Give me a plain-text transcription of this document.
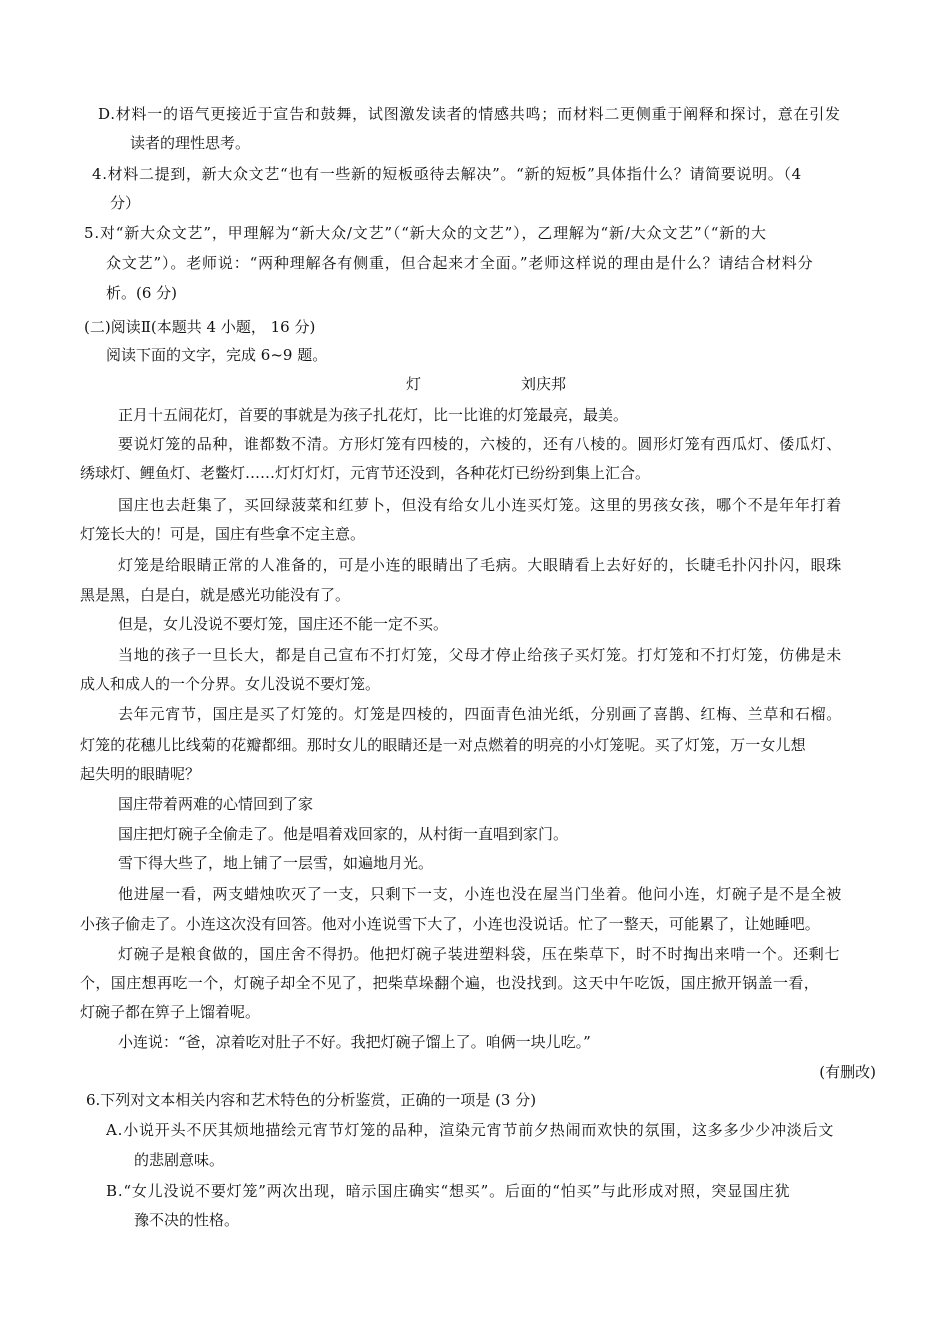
D.材料一的语气更接近于宣告和鼓舞，试图激发读者的情感共鸣；而材料二更侧重于阐释和探讨，意在引发
读者的理性思考。
4.材料二提到，新大众文艺“也有一些新的短板亟待去解决”。“新的短板”具体指什么？请简要说明。（4
分）
5.对“新大众文艺”，甲理解为“新大众/文艺”（“新大众的文艺”），乙理解为“新/大众文艺”（“新的大
众文艺”）。老师说：“两种理解各有侧重，但合起来才全面。”老师这样说的理由是什么？请结合材料分
析。(6 分)
(二)阅读Ⅱ(本题共 4 小题， 16 分)
阅读下面的文字，完成 6~9 题。
灯	刘庆邦
正月十五闹花灯，首要的事就是为孩子扎花灯，比一比谁的灯笼最亮，最美。
要说灯笼的品种，谁都数不清。方形灯笼有四棱的，六棱的，还有八棱的。圆形灯笼有西瓜灯、倭瓜灯、
绣球灯、鲤鱼灯、老鳖灯……灯灯灯灯，元宵节还没到，各种花灯已纷纷到集上汇合。
国庄也去赶集了，买回绿菠菜和红萝卜，但没有给女儿小连买灯笼。这里的男孩女孩，哪个不是年年打着
灯笼长大的！可是，国庄有些拿不定主意。
灯笼是给眼睛正常的人准备的，可是小连的眼睛出了毛病。大眼睛看上去好好的，长睫毛扑闪扑闪，眼珠
黑是黑，白是白，就是感光功能没有了。
但是，女儿没说不要灯笼，国庄还不能一定不买。
当地的孩子一旦长大，都是自己宣布不打灯笼，父母才停止给孩子买灯笼。打灯笼和不打灯笼，仿佛是未
成人和成人的一个分界。女儿没说不要灯笼。
去年元宵节，国庄是买了灯笼的。灯笼是四棱的，四面青色油光纸，分别画了喜鹊、红梅、兰草和石榴。
灯笼的花穗儿比线菊的花瓣都细。那时女儿的眼睛还是一对点燃着的明亮的小灯笼呢。买了灯笼，万一女儿想
起失明的眼睛呢？
国庄带着两难的心情回到了家
国庄把灯碗子全偷走了。他是唱着戏回家的，从村街一直唱到家门。
雪下得大些了，地上铺了一层雪，如遍地月光。
他进屋一看，两支蜡烛吹灭了一支，只剩下一支，小连也没在屋当门坐着。他问小连，灯碗子是不是全被
小孩子偷走了。小连这次没有回答。他对小连说雪下大了，小连也没说话。忙了一整天，可能累了，让她睡吧。
灯碗子是粮食做的，国庄舍不得扔。他把灯碗子装进塑料袋，压在柴草下，时不时掏出来啃一个。还剩七
个，国庄想再吃一个，灯碗子却全不见了，把柴草垛翻个遍，也没找到。这天中午吃饭，国庄掀开锅盖一看，
灯碗子都在箅子上馏着呢。
小连说：“爸，凉着吃对肚子不好。我把灯碗子馏上了。咱俩一块儿吃。”
(有删改)
6.下列对文本相关内容和艺术特色的分析鉴赏，正确的一项是 (3 分)
A.小说开头不厌其烦地描绘元宵节灯笼的品种，渲染元宵节前夕热闹而欢快的氛围，这多多少少冲淡后文
的悲剧意味。
B.“女儿没说不要灯笼”两次出现，暗示国庄确实“想买”。后面的“怕买”与此形成对照，突显国庄犹
豫不决的性格。
